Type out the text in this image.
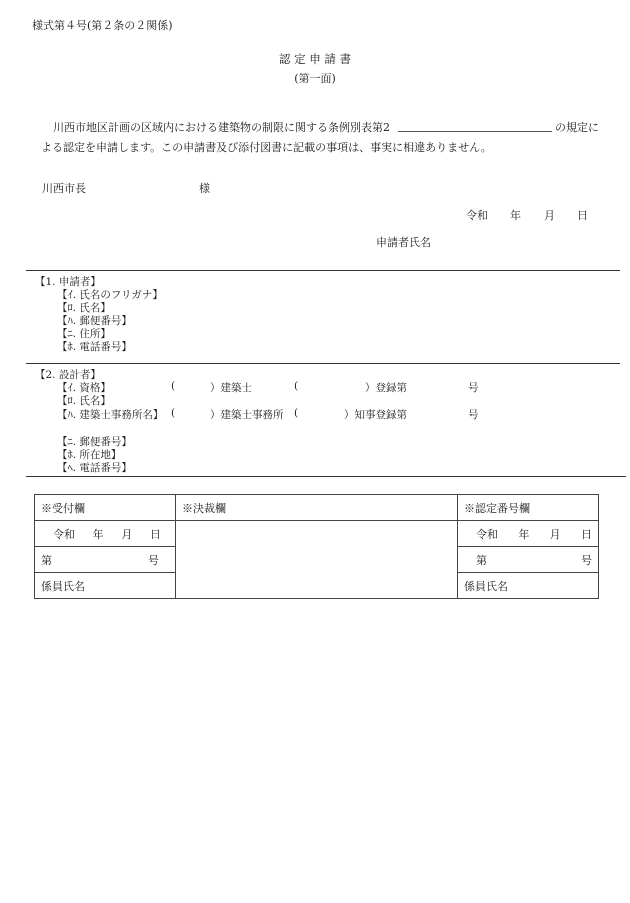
様式第４号(第２条の２関係)
認 定 申 請 書
(第一面)
川西市地区計画の区域内における建築物の制限に関する条例別表第2	の規定に
よる認定を申請します。この申請書及び添付図書に記載の事項は、事実に相違ありません。
川西市長	様
令和 年 月 日
申請者氏名
【1. 申請者】
【ｲ. 氏名のフリガナ】
【ﾛ. 氏名】
【ﾊ. 郵便番号】
【ﾆ. 住所】
【ﾎ. 電話番号】
【2. 設計者】
【ｲ. 資格】	(	）建築士	(	）登録第	号
【ﾛ. 氏名】
【ﾊ. 建築士事務所名】 (	）建築士事務所 (	）知事登録第	号
【ﾆ. 郵便番号】
【ﾎ. 所在地】
【ﾍ. 電話番号】
※受付欄	※決裁欄	※認定番号欄

令和 年 月 日		令和 年 月 日

第 号		第 号

係員氏名		係員氏名
